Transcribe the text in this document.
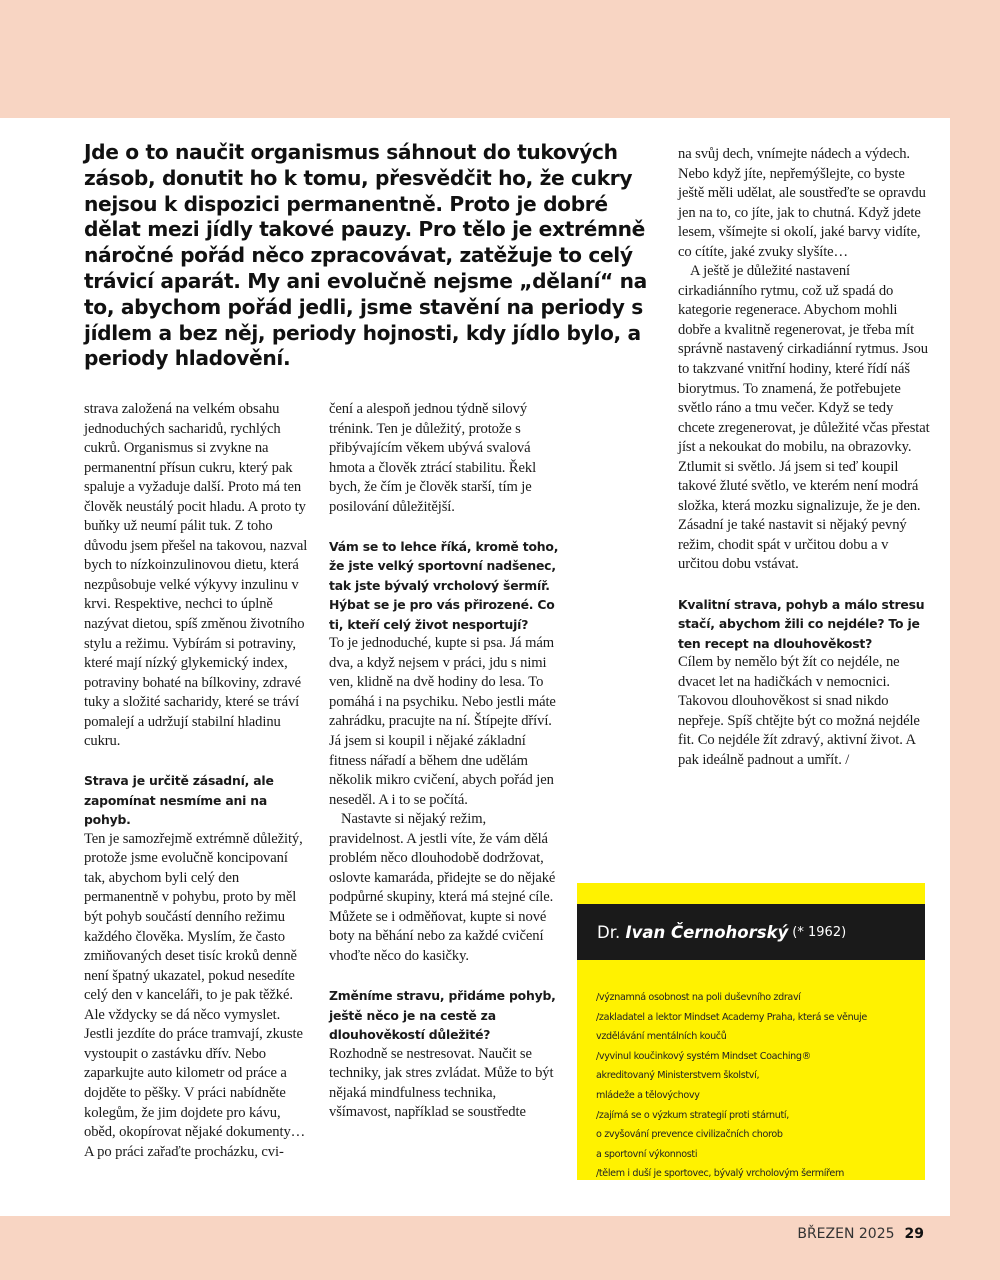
Jde o to naučit organismus sáhnout do tukových zásob, donutit ho k tomu, přesvědčit ho, že cukry nejsou k dispozici permanentně. Proto je dobré dělat mezi jídly takové pauzy. Pro tělo je extrémně náročné pořád něco zpracovávat, zatěžuje to celý trávicí aparát. My ani evolučně nejsme „dělaní“ na to, abychom pořád jedli, jsme stavění na periody s jídlem a bez něj, periody hojnosti, kdy jídlo bylo, a periody hladovění.

strava založená na velkém obsahu jednoduchých sacharidů, rychlých cukrů. Organismus si zvykne na permanentní přísun cukru, který pak spaluje a vyžaduje další. Proto má ten člověk neustálý pocit hladu. A proto ty buňky už neumí pálit tuk. Z toho důvodu jsem přešel na takovou, nazval bych to nízkoinzulinovou dietu, která nezpůsobuje velké výkyvy inzulinu v krvi. Respektive, nechci to úplně nazývat dietou, spíš změnou životního stylu a režimu. Vybírám si potraviny, které mají nízký glykemický index, potraviny bohaté na bílkoviny, zdravé tuky a složité sacharidy, které se tráví pomalejí a udržují stabilní hladinu cukru.

Strava je určitě zásadní, ale zapomínat nesmíme ani na pohyb.

Ten je samozřejmě extrémně důležitý, protože jsme evolučně koncipovaní tak, abychom byli celý den permanentně v pohybu, proto by měl být pohyb součástí denního režimu každého člověka. Myslím, že často zmiňovaných deset tisíc kroků denně není špatný ukazatel, pokud nesedíte celý den v kanceláři, to je pak těžké. Ale vždycky se dá něco vymyslet. Jestli jezdíte do práce tramvají, zkuste vystoupit o zastávku dřív. Nebo zaparkujte auto kilometr od práce a dojděte to pěšky. V práci nabídněte kolegům, že jim dojdete pro kávu, oběd, okopírovat nějaké dokumenty… A po práci zařaďte procházku, cvi-

čení a alespoň jednou týdně silový trénink. Ten je důležitý, protože s přibývajícím věkem ubývá svalová hmota a člověk ztrácí stabilitu. Řekl bych, že čím je člověk starší, tím je posilování důležitější.

Vám se to lehce říká, kromě toho, že jste velký sportovní nadšenec, tak jste bývalý vrcholový šermíř. Hýbat se je pro vás přirozené. Co ti, kteří celý život nesportují?

To je jednoduché, kupte si psa. Já mám dva, a když nejsem v práci, jdu s nimi ven, klidně na dvě hodiny do lesa. To pomáhá i na psychiku. Nebo jestli máte zahrádku, pracujte na ní. Štípejte dříví. Já jsem si koupil i nějaké základní fitness nářadí a během dne udělám několik mikro cvičení, abych pořád jen neseděl. A i to se počítá.

Nastavte si nějaký režim, pravidelnost. A jestli víte, že vám dělá problém něco dlouhodobě dodržovat, oslovte kamaráda, přidejte se do nějaké podpůrné skupiny, která má stejné cíle. Můžete se i odměňovat, kupte si nové boty na běhání nebo za každé cvičení vhoďte něco do kasičky.

Změníme stravu, přidáme pohyb, ještě něco je na cestě za dlouhověkostí důležité?

Rozhodně se nestresovat. Naučit se techniky, jak stres zvládat. Může to být nějaká mindfulness technika, všímavost, například se soustředte

na svůj dech, vnímejte nádech a výdech. Nebo když jíte, nepřemýšlejte, co byste ještě měli udělat, ale soustřeďte se opravdu jen na to, co jíte, jak to chutná. Když jdete lesem, všímejte si okolí, jaké barvy vidíte, co cítíte, jaké zvuky slyšíte…

A ještě je důležité nastavení cirkadiánního rytmu, což už spadá do kategorie regenerace. Abychom mohli dobře a kvalitně regenerovat, je třeba mít správně nastavený cirkadiánní rytmus. Jsou to takzvané vnitřní hodiny, které řídí náš biorytmus. To znamená, že potřebujete světlo ráno a tmu večer. Když se tedy chcete zregenerovat, je důležité včas přestat jíst a nekoukat do mobilu, na obrazovky. Ztlumit si světlo. Já jsem si teď koupil takové žluté světlo, ve kterém není modrá složka, která mozku signalizuje, že je den. Zásadní je také nastavit si nějaký pevný režim, chodit spát v určitou dobu a v určitou dobu vstávat.

Kvalitní strava, pohyb a málo stresu stačí, abychom žili co nejdéle? To je ten recept na dlouhověkost?

Cílem by nemělo být žít co nejdéle, ne dvacet let na hadičkách v nemocnici. Takovou dlouhověkost si snad nikdo nepřeje. Spíš chtějte být co možná nejdéle fit. Co nejdéle žít zdravý, aktivní život. A pak ideálně padnout a umřít. /

Dr.
Ivan Černohorský (* 1962)
/významná osobnost na poli duševního zdraví
/zakladatel a lektor Mindset Academy Praha, která se věnuje
vzdělávání mentálních koučů
/vyvinul koučinkový systém Mindset Coaching®
akreditovaný Ministerstvem školství,
mládeže a tělovýchovy
/zajímá se o výzkum strategií proti stárnutí,
o zvyšování prevence civilizačních chorob
a sportovní výkonnosti
/tělem i duší je sportovec, bývalý vrcholovým šermířem
BŘEZEN 2025 29
